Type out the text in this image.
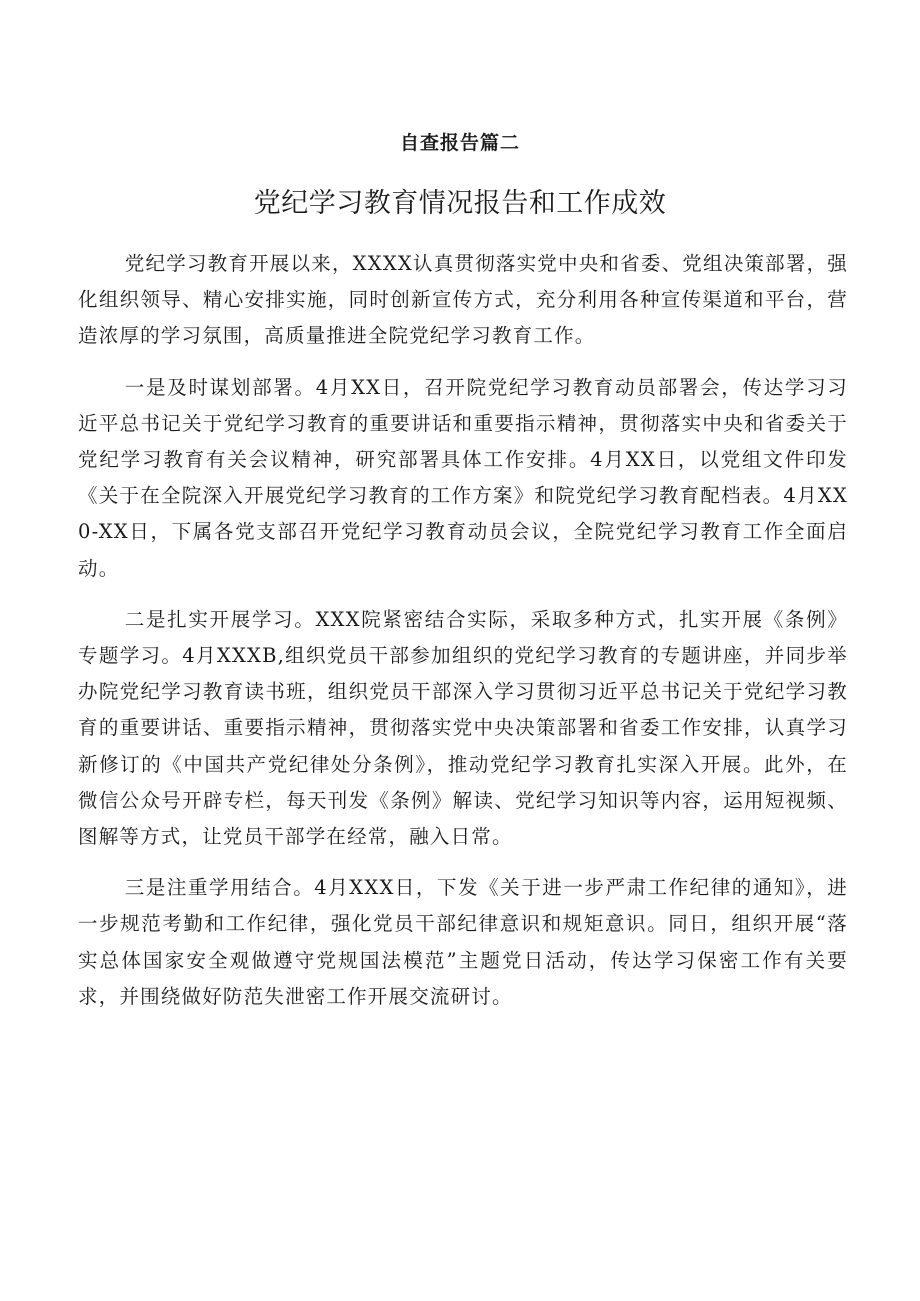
自查报告篇二
党纪学习教育情况报告和工作成效

党纪学习教育开展以来，XXXX认真贯彻落实党中央和省委、党组决策部署，强化组织领导、精心安排实施，同时创新宣传方式，充分利用各种宣传渠道和平台，营造浓厚的学习氛围，高质量推进全院党纪学习教育工作。

一是及时谋划部署。4月XX日，召开院党纪学习教育动员部署会，传达学习习近平总书记关于党纪学习教育的重要讲话和重要指示精神，贯彻落实中央和省委关于党纪学习教育有关会议精神，研究部署具体工作安排。4月XX日，以党组文件印发《关于在全院深入开展党纪学习教育的工作方案》和院党纪学习教育配档表。4月XX0-XX日，下属各党支部召开党纪学习教育动员会议，全院党纪学习教育工作全面启动。

二是扎实开展学习。XXX院紧密结合实际，采取多种方式，扎实开展《条例》专题学习。4月XXXB,组织党员干部参加组织的党纪学习教育的专题讲座，并同步举办院党纪学习教育读书班，组织党员干部深入学习贯彻习近平总书记关于党纪学习教育的重要讲话、重要指示精神，贯彻落实党中央决策部署和省委工作安排，认真学习新修订的《中国共产党纪律处分条例》，推动党纪学习教育扎实深入开展。此外，在微信公众号开辟专栏，每天刊发《条例》解读、党纪学习知识等内容，运用短视频、图解等方式，让党员干部学在经常，融入日常。

三是注重学用结合。4月XXX日，下发《关于进一步严肃工作纪律的通知》，进一步规范考勤和工作纪律，强化党员干部纪律意识和规矩意识。同日，组织开展“落实总体国家安全观做遵守党规国法模范”主题党日活动，传达学习保密工作有关要求，并围绕做好防范失泄密工作开展交流研讨。
